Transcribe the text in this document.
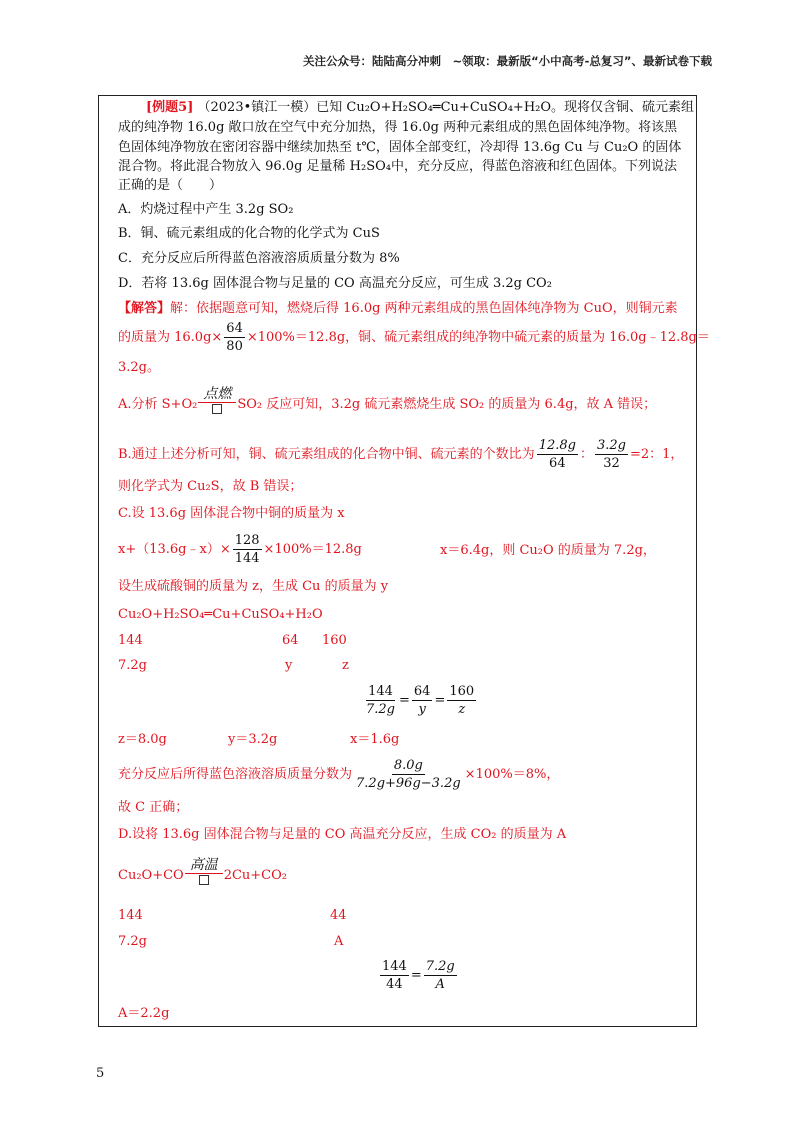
关注公众号：陆陆高分冲刺　~领取：最新版“小中高考-总复习”、最新试卷下载
[例题5] （2023•镇江一模）已知 Cu₂O+H₂SO₄═Cu+CuSO₄+H₂O。现将仅含铜、硫元素组
成的纯净物 16.0g 敞口放在空气中充分加热，得 16.0g 两种元素组成的黑色固体纯净物。将该黑
色固体纯净物放在密闭容器中继续加热至 t℃，固体全部变红，冷却得 13.6g Cu 与 Cu₂O 的固体
混合物。将此混合物放入 96.0g 足量稀 H₂SO₄中，充分反应，得蓝色溶液和红色固体。下列说法
正确的是（　　）
A．灼烧过程中产生 3.2g SO₂
B．铜、硫元素组成的化合物的化学式为 CuS
C．充分反应后所得蓝色溶液溶质质量分数为 8%
D．若将 13.6g 固体混合物与足量的 CO 高温充分反应，可生成 3.2g CO₂
【解答】解：依据题意可知，燃烧后得 16.0g 两种元素组成的黑色固体纯净物为 CuO，则铜元素
的质量为 $16.0g\times \frac{64}{80} \times 100\%=12.8g$，铜、硫元素组成的纯净物中硫元素的质量为 16.0g﹣12.8g＝
3.2g。
A.分析 S+O₂
点燃
SO₂ 反应可知，3.2g 硫元素燃烧生成 SO₂ 的质量为 6.4g，故 A 错误；
B.通过上述分析可知，铜、硫元素组成的化合物中铜、硫元素的个数比为 $\frac{12.8g}{64}$ ： $\frac{3.2g}{32} =2$：1，
则化学式为 Cu₂S，故 B 错误；
C.设 13.6g 固体混合物中铜的质量为 x
x+（13.6g﹣x）× $\frac{128}{144} \times 100\%=12.8g$	x＝6.4g，则 Cu₂O 的质量为 7.2g，
设生成硫酸铜的质量为 z，生成 Cu 的质量为 y
Cu₂O+H₂SO₄═Cu+CuSO₄+H₂O
144	64 160
7.2g	y	z
$\frac{144}{7.2g} = \frac{64}{y} = \frac{160}{z}$
z＝8.0g	y＝3.2g	x＝1.6g
充分反应后所得蓝色溶液溶质质量分数为 $\frac{8.0g}{7.2g+96g-3.2g} \times 100\%=8\%$，
故 C 正确；
D.设将 13.6g 固体混合物与足量的 CO 高温充分反应，生成 CO₂ 的质量为 A
Cu₂O+CO
高温
2Cu+CO₂
144	44
7.2g	A
$\frac{144}{44} = \frac{7.2g}{A}$
A＝2.2g
5
